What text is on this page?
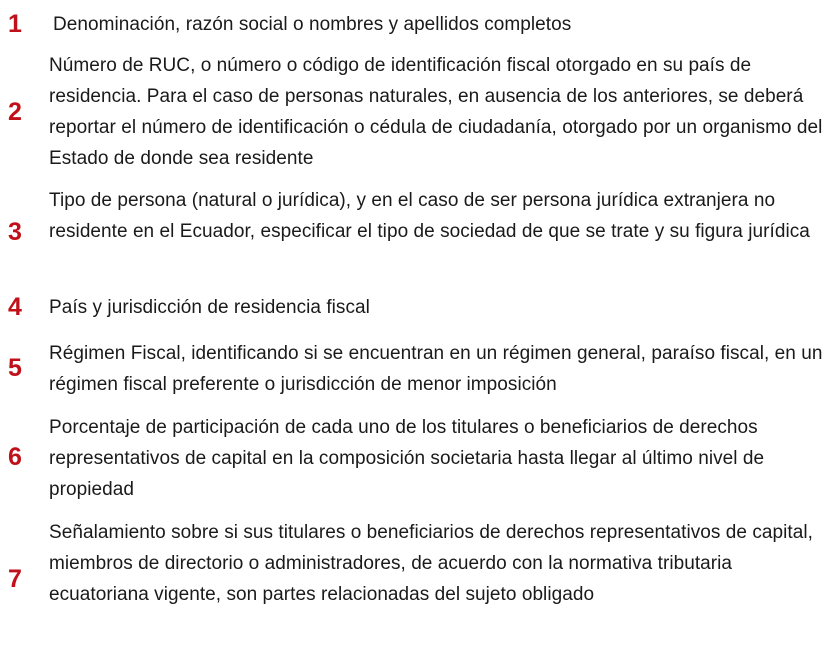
1	Denominación, razón social o nombres y apellidos completos
2
Número de RUC, o número o código de identificación fiscal otorgado en su país de residencia. Para el caso de personas naturales, en ausencia de los anteriores, se deberá reportar el número de identificación o cédula de ciudadanía, otorgado por un organismo del Estado de donde sea residente
3
Tipo de persona (natural o jurídica), y en el caso de ser persona jurídica extranjera no residente en el Ecuador, especificar el tipo de sociedad de que se trate y su figura jurídica
4	País y jurisdicción de residencia fiscal
5
Régimen Fiscal, identificando si se encuentran en un régimen general, paraíso fiscal, en un régimen fiscal preferente o jurisdicción de menor imposición
6
Porcentaje de participación de cada uno de los titulares o beneficiarios de derechos representativos de capital en la composición societaria hasta llegar al último nivel de propiedad
7
Señalamiento sobre si sus titulares o beneficiarios de derechos representativos de capital, miembros de directorio o administradores, de acuerdo con la normativa tributaria ecuatoriana vigente, son partes relacionadas del sujeto obligado
